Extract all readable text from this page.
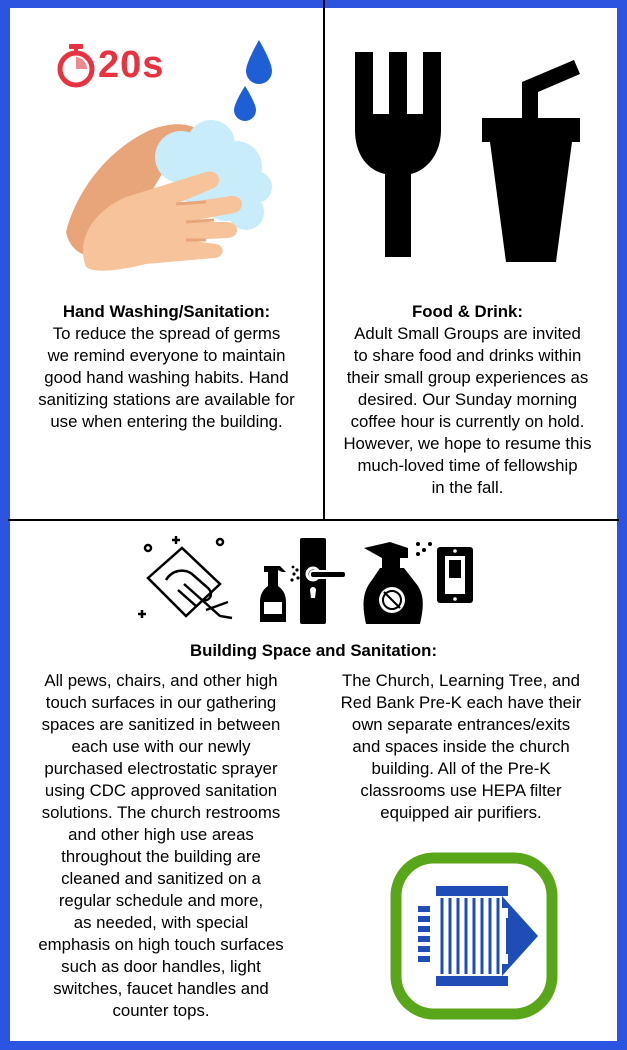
20s
Hand Washing/Sanitation:
To reduce the spread of germs
we remind everyone to maintain
good hand washing habits. Hand
sanitizing stations are available for
use when entering the building.
Food & Drink:
Adult Small Groups are invited
to share food and drinks within
their small group experiences as
desired. Our Sunday morning
coffee hour is currently on hold.
However, we hope to resume this
much-loved time of fellowship
in the fall.
Building Space and Sanitation:
All pews, chairs, and other high
touch surfaces in our gathering
spaces are sanitized in between
each use with our newly
purchased electrostatic sprayer
using CDC approved sanitation
solutions. The church restrooms
and other high use areas
throughout the building are
cleaned and sanitized on a
regular schedule and more,
as needed, with special
emphasis on high touch surfaces
such as door handles, light
switches, faucet handles and
counter tops.
The Church, Learning Tree, and
Red Bank Pre-K each have their
own separate entrances/exits
and spaces inside the church
building. All of the Pre-K
classrooms use HEPA filter
equipped air purifiers.
